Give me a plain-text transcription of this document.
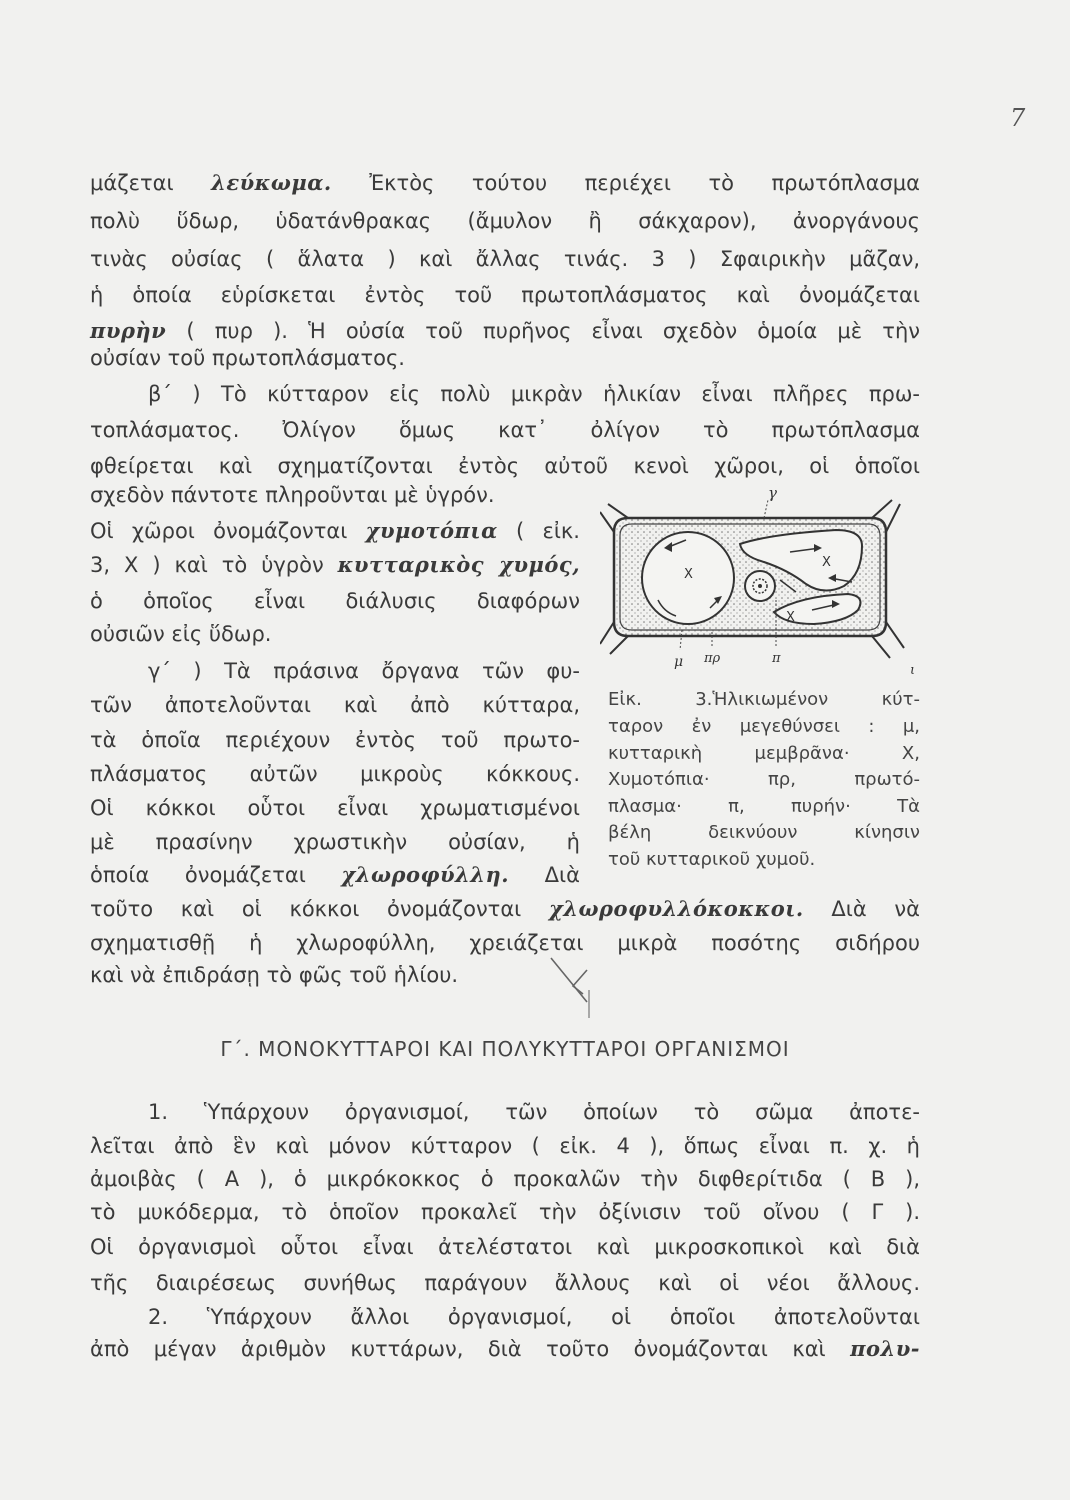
7
μάζεται λεύκωμα. Ἐκτὸς τούτου περιέχει τὸ πρωτόπλασμα
πολὺ ὕδωρ, ὑδατάνθρακας (ἄμυλον ἢ σάκχαρον), ἀνοργάνους
τινὰς οὐσίας ( ἅλατα ) καὶ ἄλλας τινάς. 3 ) Σφαιρικὴν μᾶζαν,
ἡ ὁποία εὑρίσκεται ἐντὸς τοῦ πρωτοπλάσματος καὶ ὀνομάζεται
πυρὴν ( πυρ ). Ἡ οὐσία τοῦ πυρῆνος εἶναι σχεδὸν ὁμοία μὲ τὴν
οὐσίαν τοῦ πρωτοπλάσματος.
β΄ ) Τὸ κύτταρον εἰς πολὺ μικρὰν ἡλικίαν εἶναι πλῆρες πρω-
τοπλάσματος. Ὀλίγον ὅμως κατ᾽ ὀλίγον τὸ πρωτόπλασμα
φθείρεται καὶ σχηματίζονται ἐντὸς αὐτοῦ κενοὶ χῶροι, οἱ ὁποῖοι
σχεδὸν πάντοτε πληροῦνται μὲ ὑγρόν.
Οἱ χῶροι ὀνομάζονται χυμοτόπια ( εἰκ.
3, Χ ) καὶ τὸ ὑγρὸν κυτταρικὸς χυμός,
ὁ ὁποῖος εἶναι διάλυσις διαφόρων
οὐσιῶν εἰς ὕδωρ.
γ΄ ) Τὰ πράσινα ὄργανα τῶν φυ-
τῶν ἀποτελοῦνται καὶ ἀπὸ κύτταρα,
τὰ ὁποῖα περιέχουν ἐντὸς τοῦ πρωτο-
πλάσματος αὐτῶν μικροὺς κόκκους.
Οἱ κόκκοι οὗτοι εἶναι χρωματισμένοι
μὲ πρασίνην χρωστικὴν οὐσίαν, ἡ
ὁποία ὀνομάζεται χλωροφύλλη. Διὰ
τοῦτο καὶ οἱ κόκκοι ὀνομάζονται χλωροφυλλόκοκκοι. Διὰ νὰ
σχηματισθῇ ἡ χλωροφύλλη, χρειάζεται μικρὰ ποσότης σιδήρου
καὶ νὰ ἐπιδράσῃ τὸ φῶς τοῦ ἡλίου.
γ
Χ
Χ
Χ
μ πρ	π
ι
Εἰκ. 3.Ἡλικιωμένον κύτ-
ταρον ἐν μεγεθύνσει : μ,
κυτταρικὴ μεμβρᾶνα· Χ,
Χυμοτόπια· πρ, πρωτό-
πλασμα· π, πυρήν· Τὰ
βέλη δεικνύουν κίνησιν
τοῦ κυτταρικοῦ χυμοῦ.
Γ΄. ΜΟΝΟΚΥΤΤΑΡΟΙ ΚΑΙ ΠΟΛΥΚΥΤΤΑΡΟΙ ΟΡΓΑΝΙΣΜΟΙ
1. Ὑπάρχουν ὀργανισμοί, τῶν ὁποίων τὸ σῶμα ἀποτε-
λεῖται ἀπὸ ἓν καὶ μόνον κύτταρον ( εἰκ. 4 ), ὅπως εἶναι π. χ. ἡ
ἀμοιβὰς ( Α ), ὁ μικρόκοκκος ὁ προκαλῶν τὴν διφθερίτιδα ( Β ),
τὸ μυκόδερμα, τὸ ὁποῖον προκαλεῖ τὴν ὀξίνισιν τοῦ οἴνου ( Γ ).
Οἱ ὀργανισμοὶ οὗτοι εἶναι ἀτελέστατοι καὶ μικροσκοπικοὶ καὶ διὰ
τῆς διαιρέσεως συνήθως παράγουν ἄλλους καὶ οἱ νέοι ἄλλους.
2. Ὑπάρχουν ἄλλοι ὀργανισμοί, οἱ ὁποῖοι ἀποτελοῦνται
ἀπὸ μέγαν ἀριθμὸν κυττάρων, διὰ τοῦτο ὀνομάζονται καὶ πολυ-
